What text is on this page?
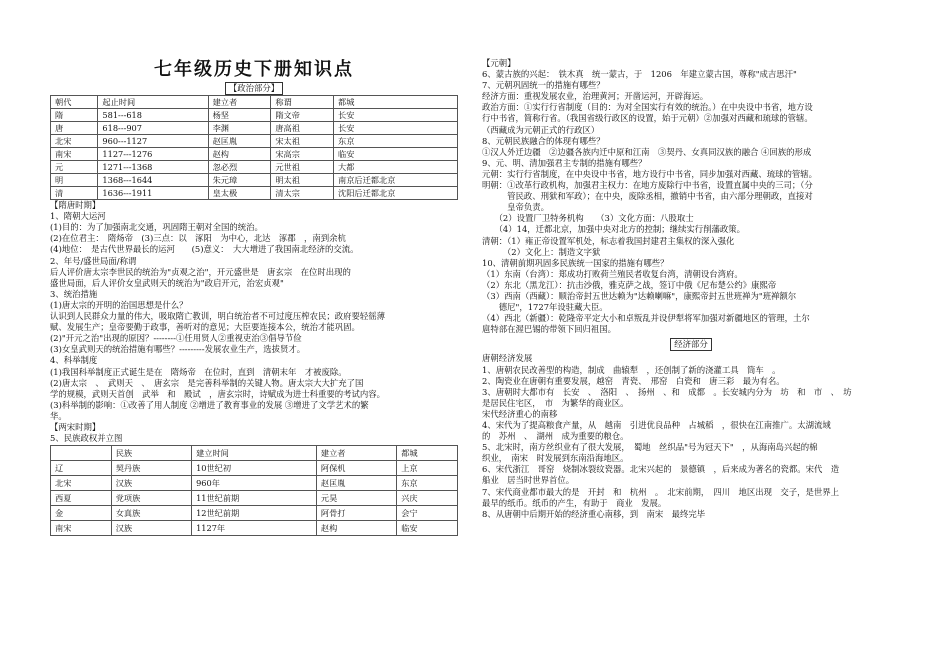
七年级历史下册知识点
【政治部分】
朝代	起止时间	建立者	称谓	都城
隋	581---618	杨坚	隋文帝	长安
唐	618---907	李渊	唐高祖	长安
北宋	960---1127	赵匡胤	宋太祖	东京
南宋	1127---1276	赵构	宋高宗	临安
元	1271---1368	忽必烈	元世祖	大都
明	1368---1644	朱元璋	明太祖	南京后迁都北京
清	1636---1911	皇太极	清太宗	沈阳后迁都北京
【隋唐时期】
1、隋朝大运河
(1)目的：为了加强南北交通，巩固隋王朝对全国的统治。
(2)在位君主：　隋炀帝　(3)三点：以　涿阳　为中心，北达　涿郡　，南到余杭
(4)地位：　是古代世界最长的运河　　(5)意义：　大大增进了我国南北经济的交流。
2、年号/盛世局面/称谓
后人评价唐太宗李世民的统治为"贞观之治"，开元盛世是　唐玄宗　在位时出现的
盛世局面，后人评价女皇武则天的统治为"政启开元，治宏贞观"
3、统治措施
(1)唐太宗的开明的治国思想是什么？
认识到人民群众力量的伟大，吸取隋亡教训，明白统治者不可过度压榨农民；政府要轻徭薄
赋、发展生产；皇帝要勤于政事，善听对的意见；大臣要连接本公，统治才能巩固。
(2)"开元之治"出现的原因？--------①任用贤人②重视吏治③倡导节俭
(3)女皇武则天的统治措施有哪些？---------发展农业生产，选拔贤才。
4、科举制度
(1)我国科举制度正式诞生是在　隋炀帝　在位时，直到　清朝末年　才被废除。
(2)唐太宗　、　武则天　、　唐玄宗　是完善科举制的关键人物。唐太宗大大扩充了国
学的规模，武则天首创　武举　和　殿试　，唐玄宗时，诗赋成为进士科重要的考试内容。
(3)科举制的影响：①改善了用人制度 ②增进了教育事业的发展 ③增进了文学艺术的繁
华。
【两宋时期】
5、民族政权并立图
	民族	建立时间	建立者	都城
辽	契丹族	10世纪初	阿保机	上京
北宋	汉族	960年	赵匡胤	东京
西夏	党项族	11世纪前期	元昊	兴庆
金	女真族	12世纪前期	阿骨打	会宁
南宋	汉族	1127年	赵构	临安
【元朝】
6、蒙古族的兴起：　铁木真　统一蒙古，于　1206　年建立蒙古国，尊称"成吉思汗"
7、元朝巩固统一的措施有哪些？
经济方面：重视发展农业，治理黄河；开凿运河，开辟海运。
政治方面：①实行行省制度（目的：为对全国实行有效的统治。）在中央设中书省，地方设
行中书省，简称行省。（我国省级行政区的设置，始于元朝）②加强对西藏和琉球的管辖。
（西藏成为元朝正式的行政区）
8、元朝民族融合的体现有哪些？
①汉人外迁边疆　②边疆各族内迁中原和江南　③契丹、女真同汉族的融合 ④回族的形成
9、元、明、清加强君主专制的措施有哪些？
元朝：实行行省制度，在中央设中书省，地方设行中书省，同步加强对西藏、琉球的管辖。
明朝：①改革行政机构，加强君主权力：在地方废除行中书省，设置直属中央的三司；（分
　　　管民政、刑狱和军政）；在中央，废除丞相，撤销中书省，由六部分理朝政，直接对
　　　皇帝负责。
　　（2）设置厂卫特务机构　　（3）文化方面：八股取士
　　（4）14，迁都北京，加强中央对北方的控制；继续实行削藩政策。
清朝：（1）雍正帝设置军机处，标志着我国封建君主集权的深入强化
　　　（2）文化上：制造文字狱
10、清朝前期巩固多民族统一国家的措施有哪些？
（1）东南（台湾）：郑成功打败荷兰殖民者收复台湾，清朝设台湾府。
（2）东北（黑龙江）：抗击沙俄，雅克萨之战，签订中俄《尼布楚公约》康熙帝
（3）西南（西藏）：顺治帝封五世达赖为"达赖喇嘛"，康熙帝封五世班禅为"班禅额尔
　　德尼"，1727年设驻藏大臣。
（4）西北（新疆）：乾隆帝平定大小和卓叛乱并设伊犁将军加强对新疆地区的管理，土尔
扈特部在渥巴锡的带领下回归祖国。
经济部分
唐朝经济发展
1、唐朝农民改善型的构造，制成　曲辕犁　，还创制了新的浇灌工具　筒车　。
2、陶瓷业在唐朝有重要发展，越窑　青瓷、　邢窑　白瓷和　唐三彩　最为有名。
3、唐朝时大都市有　长安　、　洛阳　、　扬州　、和　成都　。长安城内分为　坊　和　市　、　坊
是居民住宅区，　市　为繁华的商业区。
宋代经济重心的南移
4、宋代为了提高粮食产量，从　越南　引进优良品种　占城稻　，很快在江南推广。太湖流域
的　苏州　、　湖州　成为重要的粮仓。
5、北宋时，南方丝织业有了很大发展，　蜀地　丝织品"号为冠天下"　，从海南岛兴起的棉
织业，　南宋　时发展到东南沿海地区。
6、宋代浙江　哥窑　烧制冰裂纹瓷器。北宋兴起的　景德镇　，后来成为著名的瓷都。宋代　造
船业　居当时世界首位。
7、宋代商业都市最大的是　开封　和　杭州　。　北宋前期，　四川　地区出现　交子，是世界上
最早的纸币。纸币的产生，有助于　商业　发展。
8、从唐朝中后期开始的经济重心南移，到　南宋　最终完毕
